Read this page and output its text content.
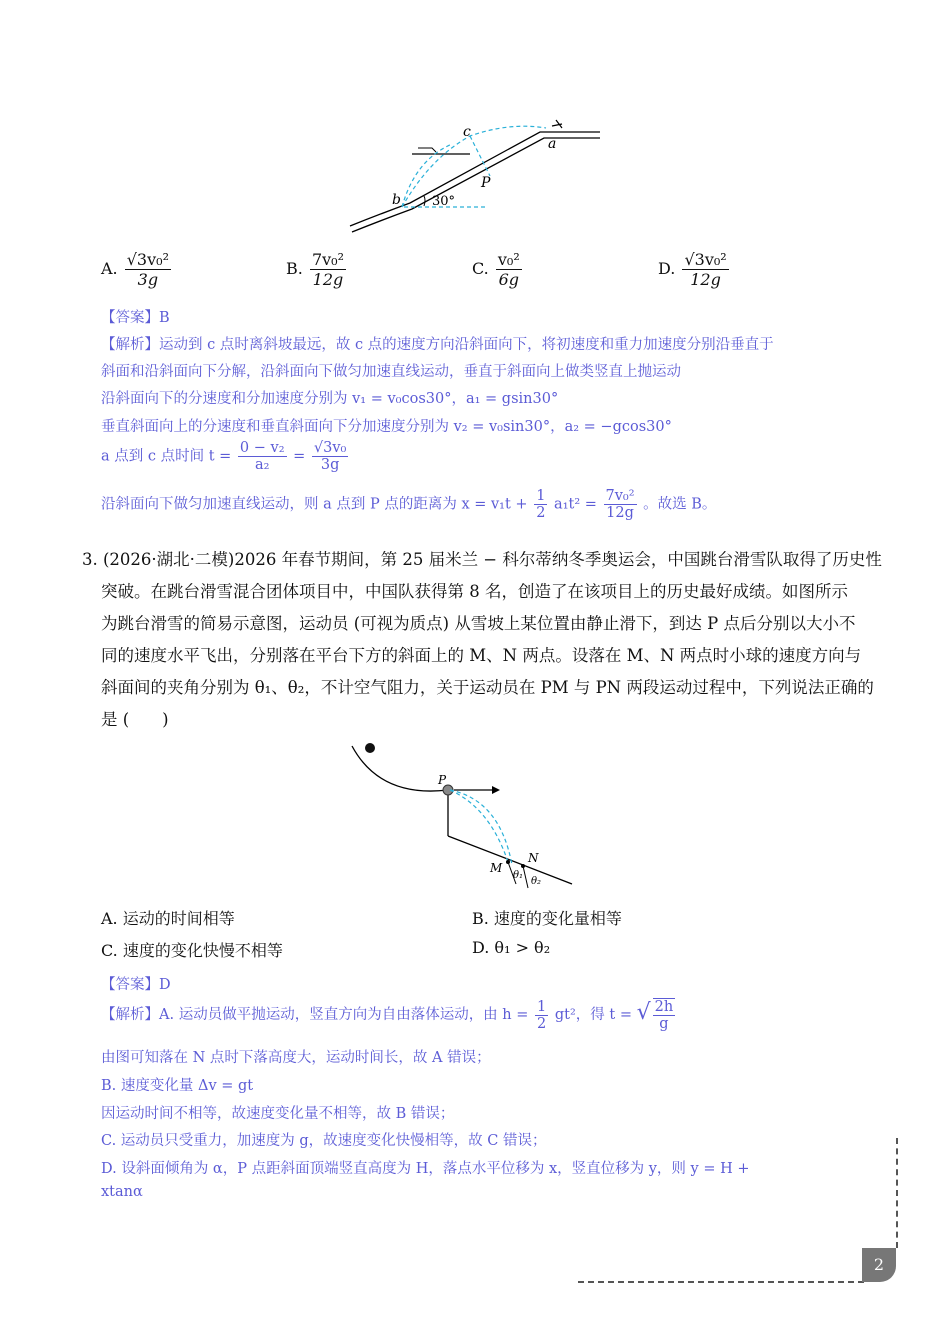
c
a
P
b 30°
A. $\frac{\text{√3v₀²}}{3g}$	B. $\frac{\text{7v₀²}}{12g}$	C. $\frac{\text{v₀²}}{6g}$	D. $\frac{\text{√3v₀²}}{12g}$
【答案】B
【解析】运动到 c 点时离斜坡最远，故 c 点的速度方向沿斜面向下，将初速度和重力加速度分别沿垂直于
斜面和沿斜面向下分解，沿斜面向下做匀加速直线运动，垂直于斜面向上做类竖直上抛运动
沿斜面向下的分速度和分加速度分别为 v₁ = v₀cos30°，a₁ = gsin30°
垂直斜面向上的分速度和垂直斜面向下分加速度分别为 v₂ = v₀sin30°，a₂ = −gcos30°
a 点到 c 点时间 $t = \frac{\text{0 − v₂}}{\text{a₂}} = \frac{\text{√3v₀}}{3g}$
沿斜面向下做匀加速直线运动，则 a 点到 P 点的距离为 $x = v_1t + \frac{1}{2} a_1t^2 = \frac{\text{7v₀²}}{12g}$ 。故选 B。
3. (2026·湖北·二模)2026 年春节期间，第 25 届米兰 − 科尔蒂纳冬季奥运会，中国跳台滑雪队取得了历史性
突破。在跳台滑雪混合团体项目中，中国队获得第 8 名，创造了在该项目上的历史最好成绩。如图所示
为跳台滑雪的简易示意图，运动员 (可视为质点) 从雪坡上某位置由静止滑下，到达 P 点后分别以大小不
同的速度水平飞出，分别落在平台下方的斜面上的 M、N 两点。设落在 M、N 两点时小球的速度方向与
斜面间的夹角分别为 θ₁、θ₂，不计空气阻力，关于运动员在 PM 与 PN 两段运动过程中，下列说法正确的
是 (　　)
P
M
N
θ₁
θ₂
A. 运动的时间相等	B. 速度的变化量相等
C. 速度的变化快慢不相等	D. θ₁ > θ₂
【答案】D
【解析】A. 运动员做平抛运动，竖直方向为自由落体运动，由 $h = \frac{1}{2} gt^2$，得 t = √ $\frac{2h}{g}$
由图可知落在 N 点时下落高度大，运动时间长，故 A 错误；
B. 速度变化量 Δv = gt
因运动时间不相等，故速度变化量不相等，故 B 错误；
C. 运动员只受重力，加速度为 g，故速度变化快慢相等，故 C 错误；
D. 设斜面倾角为 α，P 点距斜面顶端竖直高度为 H，落点水平位移为 x，竖直位移为 y，则 y = H +
xtanα
2
